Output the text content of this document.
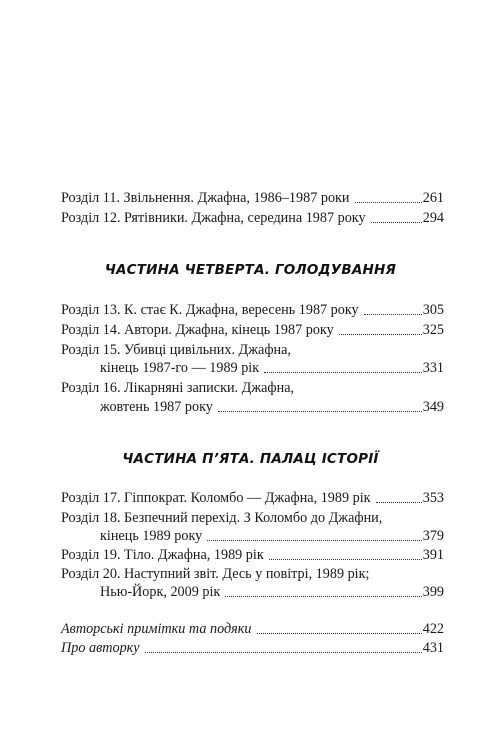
Розділ 11. Звільнення. Джафна, 1986–1987 роки	261
Розділ 12. Рятівники. Джафна, середина 1987 року	294
ЧАСТИНА ЧЕТВЕРТА. ГОЛОДУВАННЯ
Розділ 13. К. стає К. Джафна, вересень 1987 року	305
Розділ 14. Автори. Джафна, кінець 1987 року	325
Розділ 15. Убивці цивільних. Джафна,
кінець 1987-го — 1989 рік	331
Розділ 16. Лікарняні записки. Джафна,
жовтень 1987 року	349
ЧАСТИНА П’ЯТА. ПАЛАЦ ІСТОРІЇ
Розділ 17. Гіппократ. Коломбо — Джафна, 1989 рік	353
Розділ 18. Безпечний перехід. З Коломбо до Джафни,
кінець 1989 року	379
Розділ 19. Тіло. Джафна, 1989 рік	391
Розділ 20. Наступний звіт. Десь у повітрі, 1989 рік;
Нью-Йорк, 2009 рік	399
Авторські примітки та подяки	422
Про авторку	431
